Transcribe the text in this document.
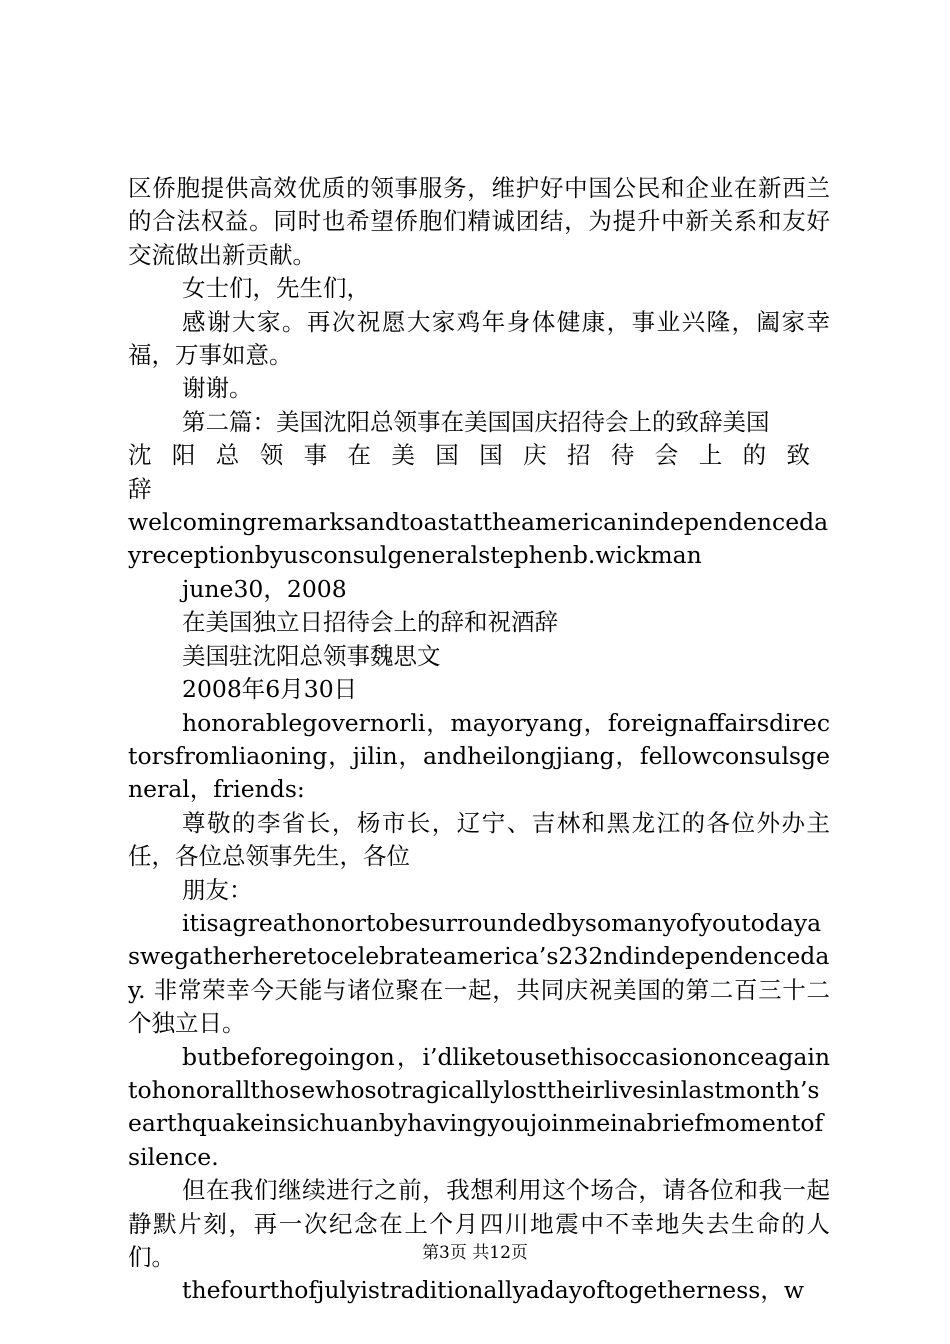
区侨胞提供高效优质的领事服务，维护好中国公民和企业在新西兰的合法权益。同时也希望侨胞们精诚团结，为提升中新关系和友好交流做出新贡献。

女士们，先生们，

感谢大家。再次祝愿大家鸡年身体健康，事业兴隆，阖家幸福，万事如意。

谢谢。

第二篇：美国沈阳总领事在美国国庆招待会上的致辞美国

沈阳总领事在美国国庆招待会上的致辞

welcomingremarksandtoastattheamericanindependencedayreceptionbyusconsulgeneralstephenb.wickman

june30，2008

在美国独立日招待会上的辞和祝酒辞

美国驻沈阳总领事魏思文

2008年6月30日

honorablegovernorli，mayoryang，foreignaffairsdirectorsfromliaoning，jilin，andheilongjiang，fellowconsulsgeneral，friends:

尊敬的李省长，杨市长，辽宁、吉林和黑龙江的各位外办主任，各位总领事先生，各位

朋友：

itisagreathonortobesurroundedbysomanyofyoutodayaswegatherheretocelebrateamerica’s232ndindependenceday. 非常荣幸今天能与诸位聚在一起，共同庆祝美国的第二百三十二个独立日。

butbeforegoingon，i’dliketousethisoccasiononceagaintohonorallthosewhosotragicallylosttheirlivesinlastmonth’searthquakeinsichuanbyhavingyoujoinmeinabriefmomentofsilence.

但在我们继续进行之前，我想利用这个场合，请各位和我一起静默片刻，再一次纪念在上个月四川地震中不幸地失去生命的人们。

thefourthofjulyistraditionallyadayoftogetherness，w

第3页 共12页
